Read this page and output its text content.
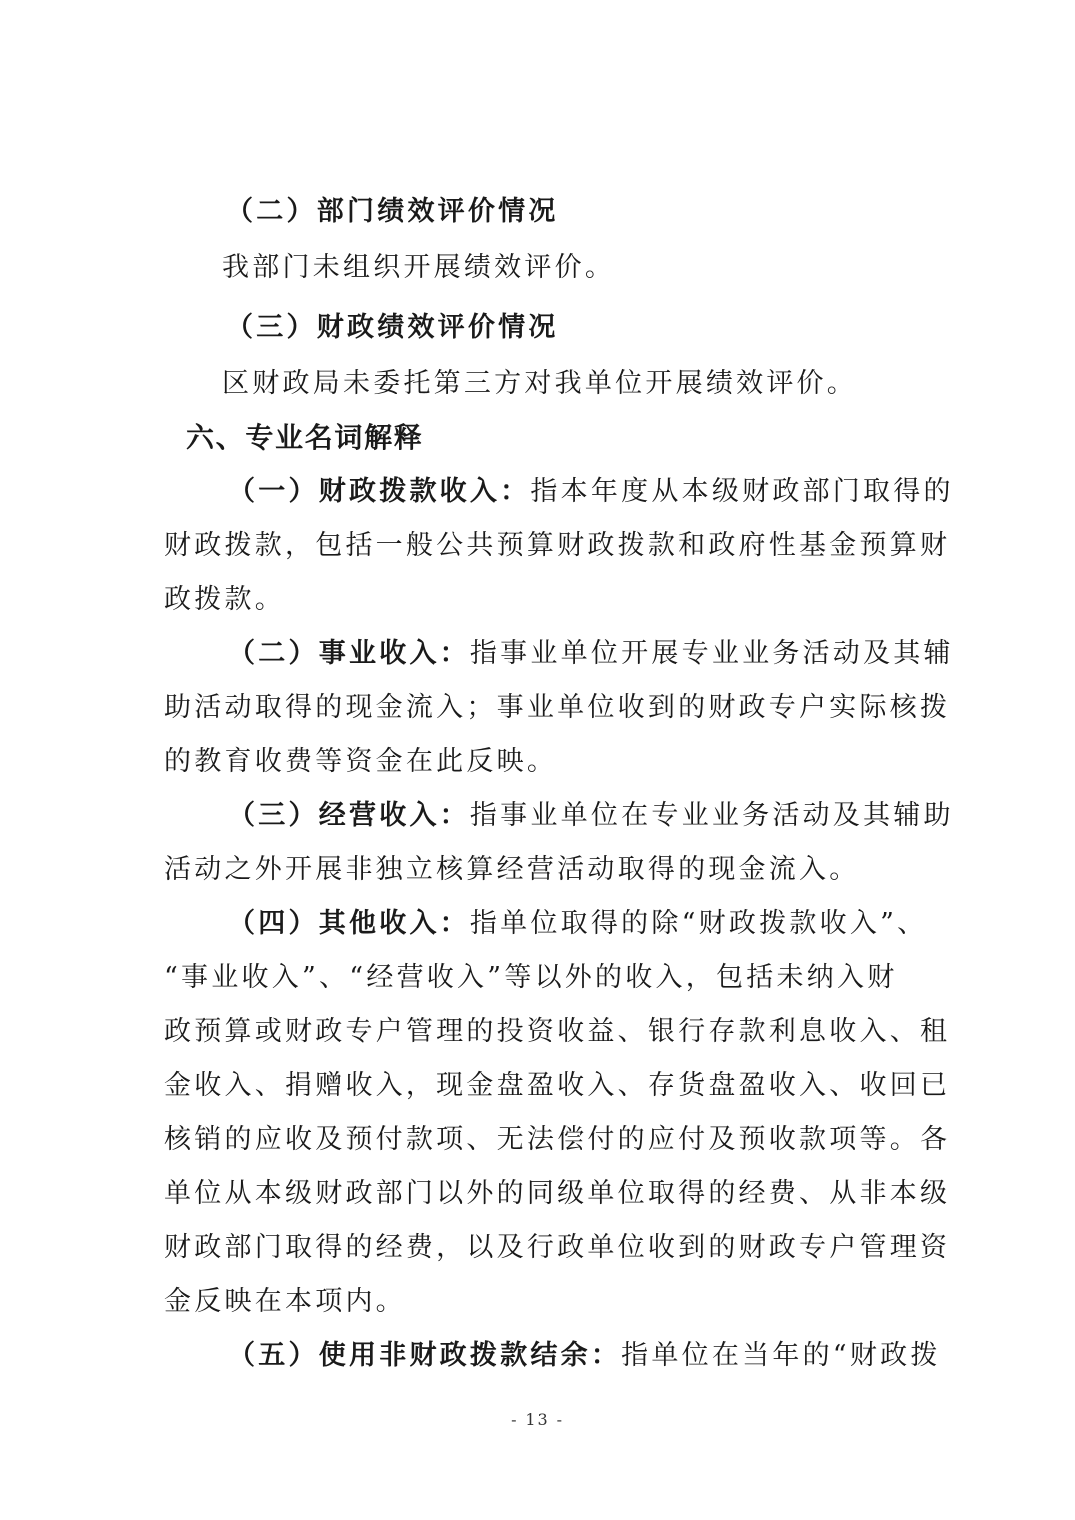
（二）部门绩效评价情况
我部门未组织开展绩效评价。
（三）财政绩效评价情况
区财政局未委托第三方对我单位开展绩效评价。
六、专业名词解释
（一）财政拨款收入：指本年度从本级财政部门取得的
财政拨款，包括一般公共预算财政拨款和政府性基金预算财
政拨款。
（二）事业收入：指事业单位开展专业业务活动及其辅
助活动取得的现金流入；事业单位收到的财政专户实际核拨
的教育收费等资金在此反映。
（三）经营收入：指事业单位在专业业务活动及其辅助
活动之外开展非独立核算经营活动取得的现金流入。
（四）其他收入：指单位取得的除“财政拨款收入”、
“事业收入”、“经营收入”等以外的收入，包括未纳入财
政预算或财政专户管理的投资收益、银行存款利息收入、租
金收入、捐赠收入，现金盘盈收入、存货盘盈收入、收回已
核销的应收及预付款项、无法偿付的应付及预收款项等。各
单位从本级财政部门以外的同级单位取得的经费、从非本级
财政部门取得的经费，以及行政单位收到的财政专户管理资
金反映在本项内。
（五）使用非财政拨款结余：指单位在当年的“财政拨
- 13 -
